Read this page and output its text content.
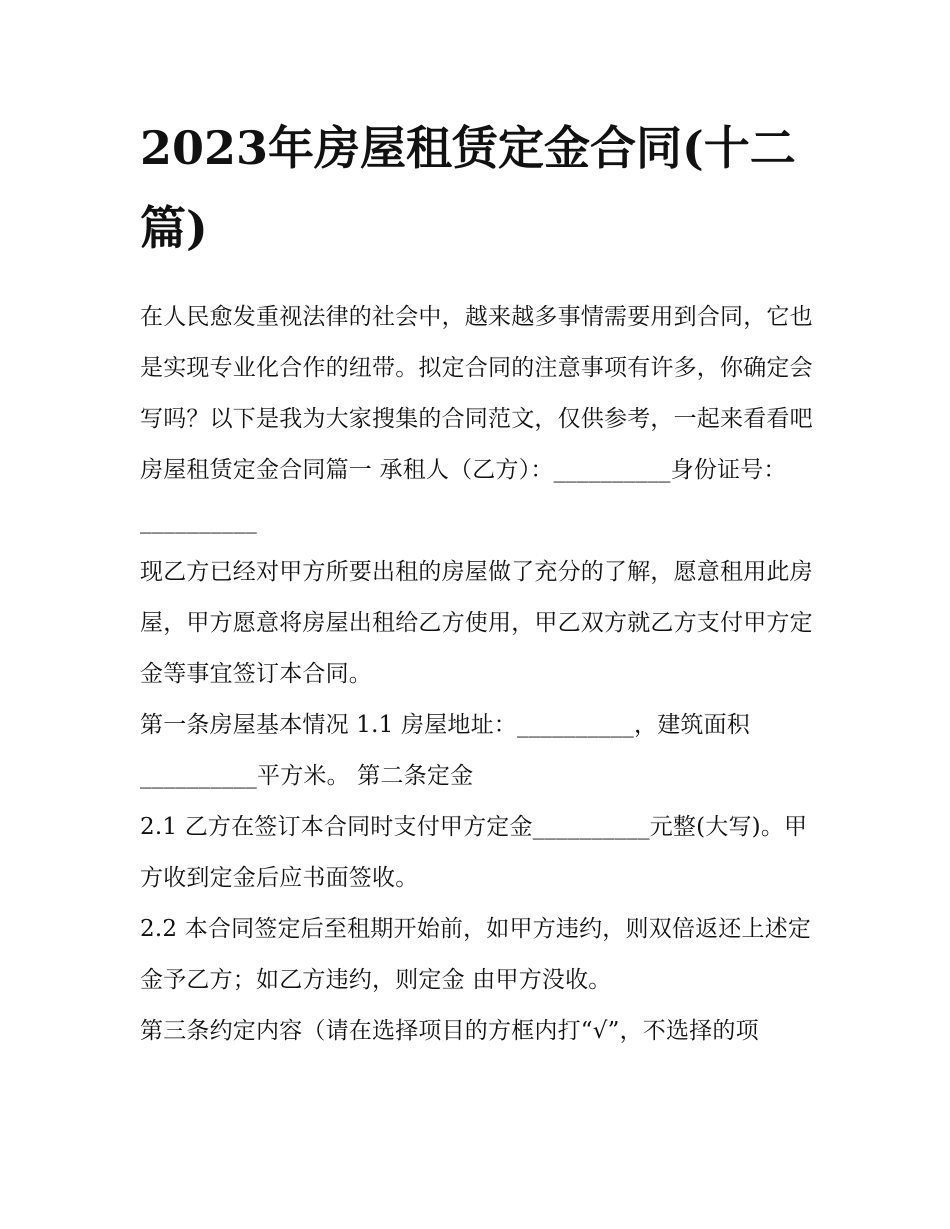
2023年房屋租赁定金合同(十二篇)

在人民愈发重视法律的社会中，越来越多事情需要用到合同，它也是实现专业化合作的纽带。拟定合同的注意事项有许多，你确定会写吗？以下是我为大家搜集的合同范文，仅供参考，一起来看看吧

房屋租赁定金合同篇一 承租人（乙方）：__________身份证号：__________

现乙方已经对甲方所要出租的房屋做了充分的了解，愿意租用此房屋，甲方愿意将房屋出租给乙方使用，甲乙双方就乙方支付甲方定金等事宜签订本合同。

第一条房屋基本情况 1.1 房屋地址：__________，建筑面积__________平方米。 第二条定金

2.1 乙方在签订本合同时支付甲方定金__________元整(大写)。甲方收到定金后应书面签收。

2.2 本合同签定后至租期开始前，如甲方违约，则双倍返还上述定金予乙方；如乙方违约，则定金 由甲方没收。

第三条约定内容（请在选择项目的方框内打“√”，不选择的项
